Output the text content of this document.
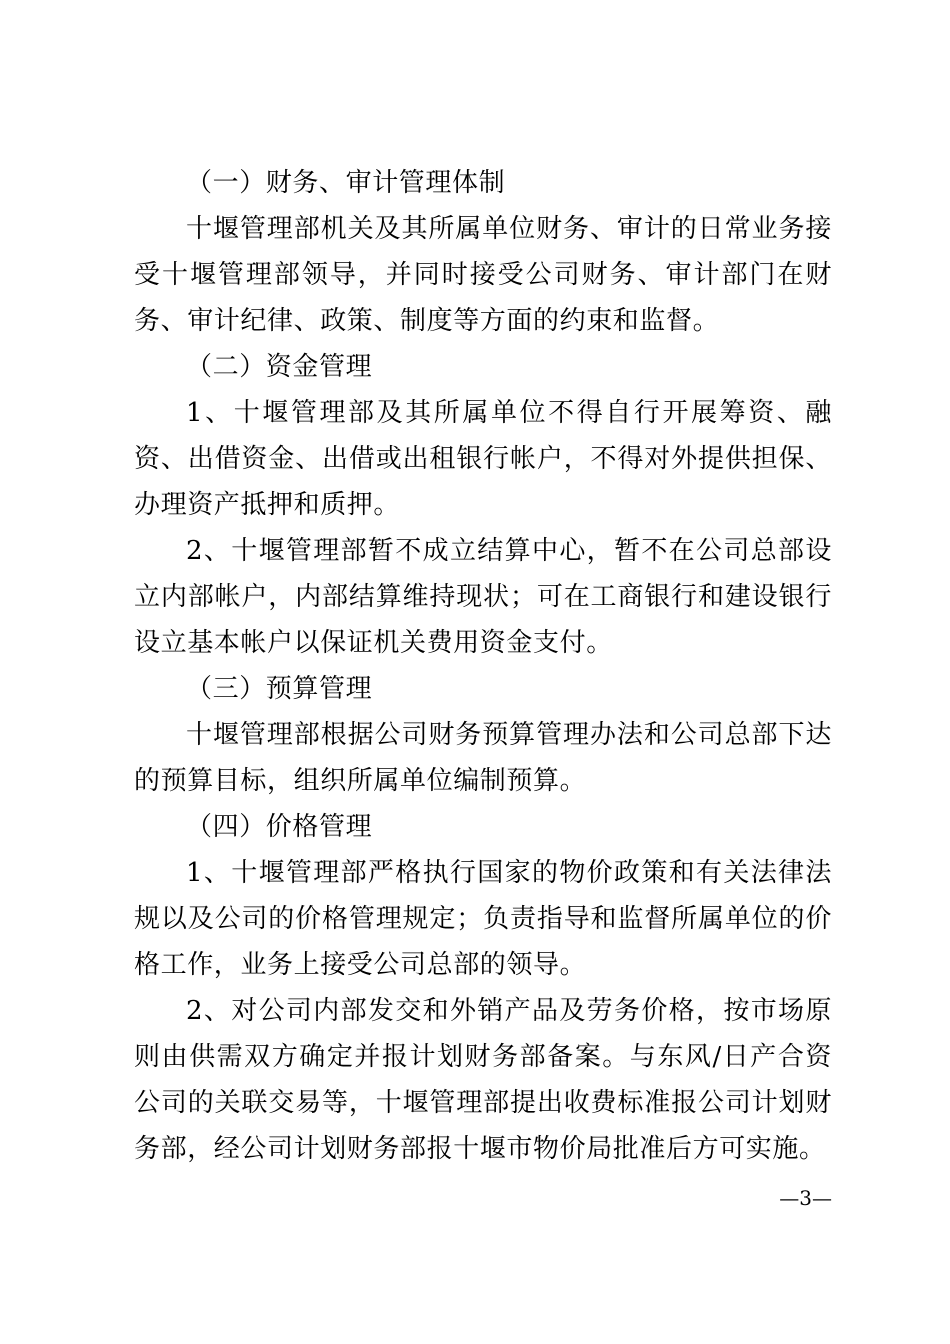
（一）财务、审计管理体制

十堰管理部机关及其所属单位财务、审计的日常业务接受十堰管理部领导，并同时接受公司财务、审计部门在财务、审计纪律、政策、制度等方面的约束和监督。

（二）资金管理

1、十堰管理部及其所属单位不得自行开展筹资、融资、出借资金、出借或出租银行帐户，不得对外提供担保、办理资产抵押和质押。

2、十堰管理部暂不成立结算中心，暂不在公司总部设立内部帐户，内部结算维持现状；可在工商银行和建设银行设立基本帐户以保证机关费用资金支付。

（三）预算管理

十堰管理部根据公司财务预算管理办法和公司总部下达的预算目标，组织所属单位编制预算。

（四）价格管理

1、十堰管理部严格执行国家的物价政策和有关法律法规以及公司的价格管理规定；负责指导和监督所属单位的价格工作，业务上接受公司总部的领导。

2、对公司内部发交和外销产品及劳务价格，按市场原则由供需双方确定并报计划财务部备案。与东风/日产合资公司的关联交易等，十堰管理部提出收费标准报公司计划财务部，经公司计划财务部报十堰市物价局批准后方可实施。

—3—
